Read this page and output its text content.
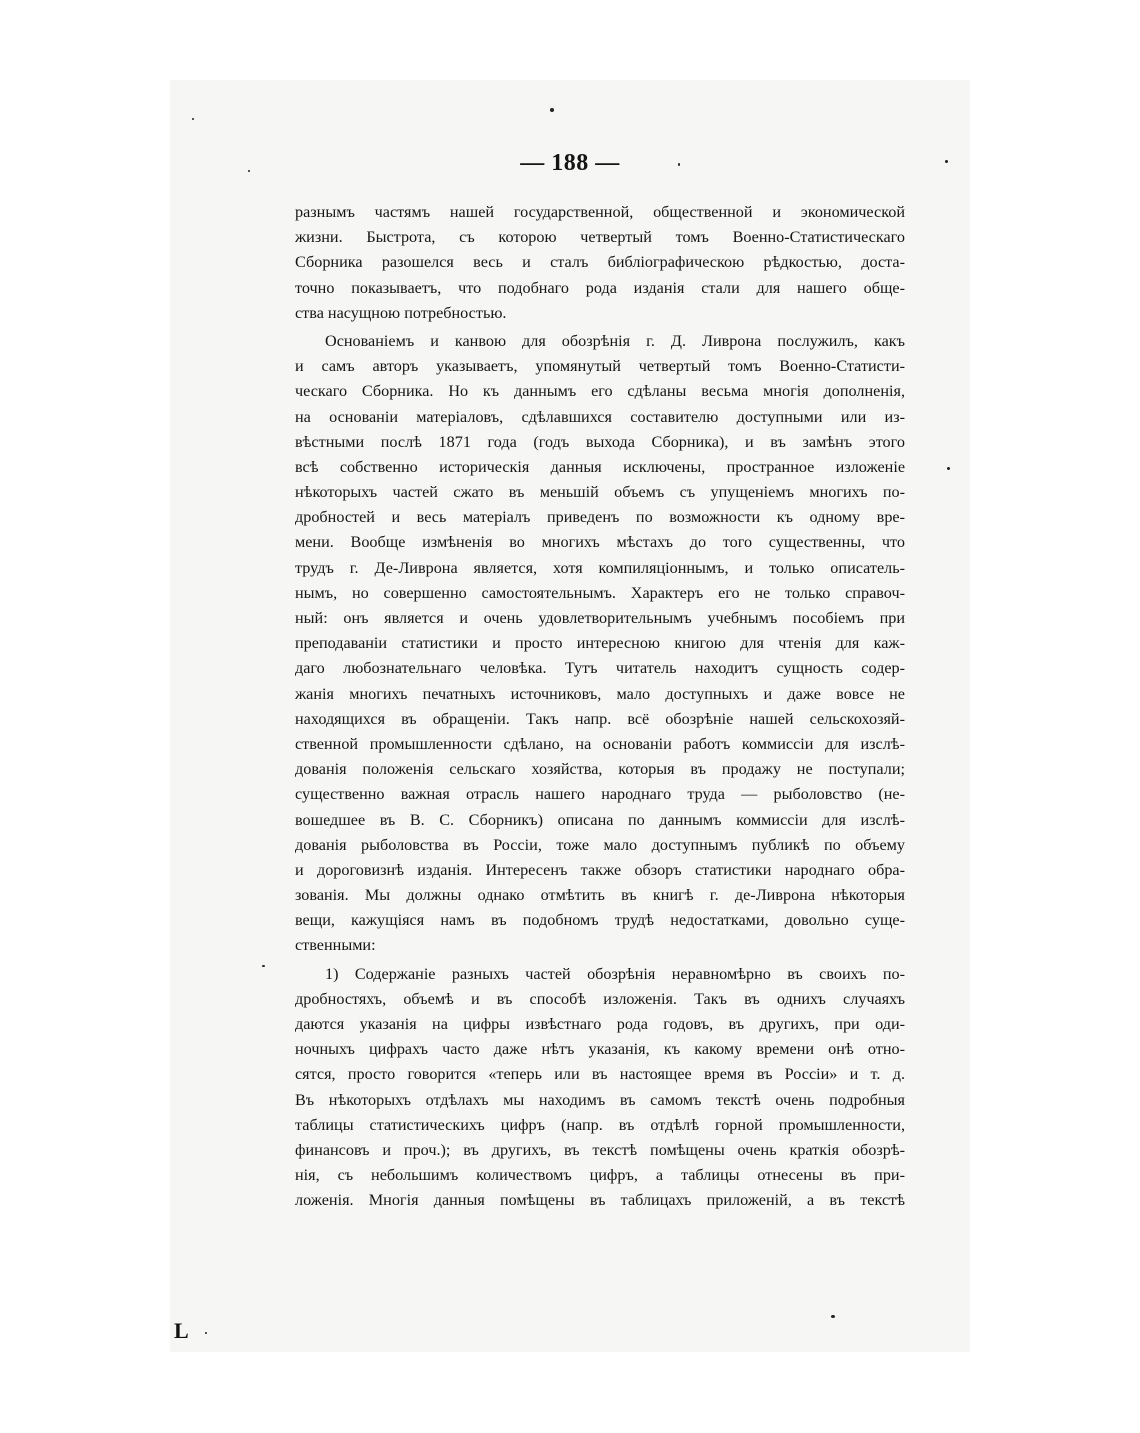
— 188 —
разнымъ частямъ нашей государственной, общественной и экономической
жизни. Быстрота, съ которою четвертый томъ Военно-Статистическаго
Сборника разошелся весь и сталъ библіографическою рѣдкостью, доста-
точно показываетъ, что подобнаго рода изданія стали для нашего обще-
ства насущною потребностью.
Основаніемъ и канвою для обозрѣнія г. Д. Ливрона послужилъ, какъ
и самъ авторъ указываетъ, упомянутый четвертый томъ Военно-Статисти-
ческаго Сборника. Но къ даннымъ его сдѣланы весьма многія дополненія,
на основаніи матеріаловъ, сдѣлавшихся составителю доступными или из-
вѣстными послѣ 1871 года (годъ выхода Сборника), и въ замѣнъ этого
всѣ собственно историческія данныя исключены, пространное изложеніе
нѣкоторыхъ частей сжато въ меньшій объемъ съ упущеніемъ многихъ по-
дробностей и весь матеріалъ приведенъ по возможности къ одному вре-
мени. Вообще измѣненія во многихъ мѣстахъ до того существенны, что
трудъ г. Де-Ливрона является, хотя компиляціоннымъ, и только описатель-
нымъ, но совершенно самостоятельнымъ. Характеръ его не только справоч-
ный: онъ является и очень удовлетворительнымъ учебнымъ пособіемъ при
преподаваніи статистики и просто интересною книгою для чтенія для каж-
даго любознательнаго человѣка. Тутъ читатель находитъ сущность содер-
жанія многихъ печатныхъ источниковъ, мало доступныхъ и даже вовсе не
находящихся въ обращеніи. Такъ напр. всё обозрѣніе нашей сельскохозяй-
ственной промышленности сдѣлано, на основаніи работъ коммиссіи для изслѣ-
дованія положенія сельскаго хозяйства, которыя въ продажу не поступали;
существенно важная отрасль нашего народнаго труда — рыболовство (не-
вошедшее въ В. С. Сборникъ) описана по даннымъ коммиссіи для изслѣ-
дованія рыболовства въ Россіи, тоже мало доступнымъ публикѣ по объему
и дороговизнѣ изданія. Интересенъ также обзоръ статистики народнаго обра-
зованія. Мы должны однако отмѣтить въ книгѣ г. де-Ливрона нѣкоторыя
вещи, кажущіяся намъ въ подобномъ трудѣ недостатками, довольно суще-
ственными:
1) Содержаніе разныхъ частей обозрѣнія неравномѣрно въ своихъ по-
дробностяхъ, объемѣ и въ способѣ изложенія. Такъ въ однихъ случаяхъ
даются указанія на цифры извѣстнаго рода годовъ, въ другихъ, при оди-
ночныхъ цифрахъ часто даже нѣтъ указанія, къ какому времени онѣ отно-
сятся, просто говорится «теперь или въ настоящее время въ Россіи» и т. д.
Въ нѣкоторыхъ отдѣлахъ мы находимъ въ самомъ текстѣ очень подробныя
таблицы статистическихъ цифръ (напр. въ отдѣлѣ горной промышленности,
финансовъ и проч.); въ другихъ, въ текстѣ помѣщены очень краткія обозрѣ-
нія, съ небольшимъ количествомъ цифръ, а таблицы отнесены въ при-
ложенія. Многія данныя помѣщены въ таблицахъ приложеній, а въ текстѣ
L
